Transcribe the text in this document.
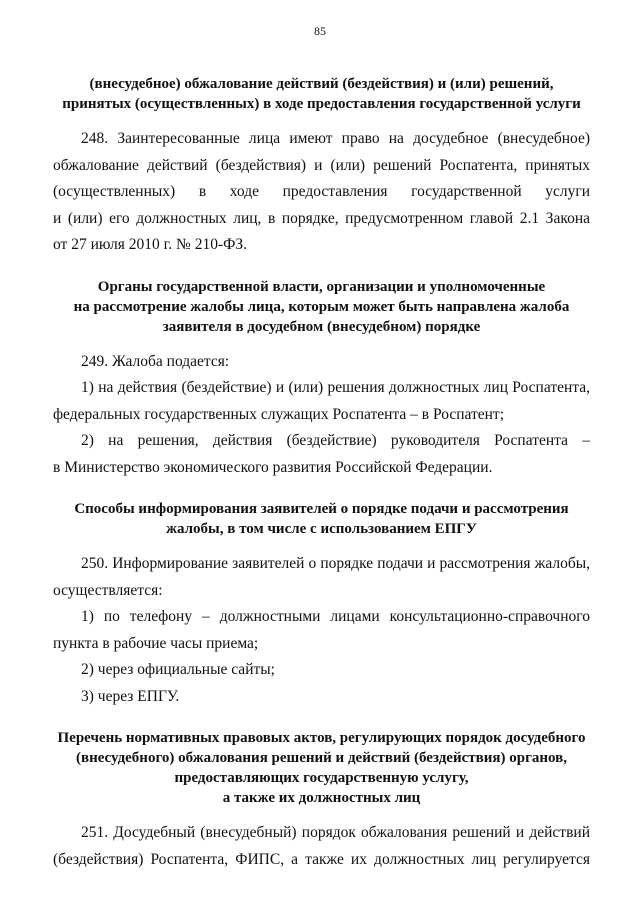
85
(внесудебное) обжалование действий (бездействия) и (или) решений,
принятых (осуществленных) в ходе предоставления государственной услуги
248. Заинтересованные лица имеют право на досудебное (внесудебное)
обжалование действий (бездействия) и (или) решений Роспатента, принятых
(осуществленных) в ходе предоставления государственной услуги
и (или) его должностных лиц, в порядке, предусмотренном главой 2.1 Закона
от 27 июля 2010 г. № 210-ФЗ.
Органы государственной власти, организации и уполномоченные
на рассмотрение жалобы лица, которым может быть направлена жалоба
заявителя в досудебном (внесудебном) порядке
249. Жалоба подается:
1) на действия (бездействие) и (или) решения должностных лиц Роспатента,
федеральных государственных служащих Роспатента – в Роспатент;
2) на решения, действия (бездействие) руководителя Роспатента –
в Министерство экономического развития Российской Федерации.
Способы информирования заявителей о порядке подачи и рассмотрения
жалобы, в том числе с использованием ЕПГУ
250. Информирование заявителей о порядке подачи и рассмотрения жалобы,
осуществляется:
1) по телефону – должностными лицами консультационно-справочного
пункта в рабочие часы приема;
2) через официальные сайты;
3) через ЕПГУ.
Перечень нормативных правовых актов, регулирующих порядок досудебного
(внесудебного) обжалования решений и действий (бездействия) органов,
предоставляющих государственную услугу,
а также их должностных лиц
251. Досудебный (внесудебный) порядок обжалования решений и действий
(бездействия) Роспатента, ФИПС, а также их должностных лиц регулируется
